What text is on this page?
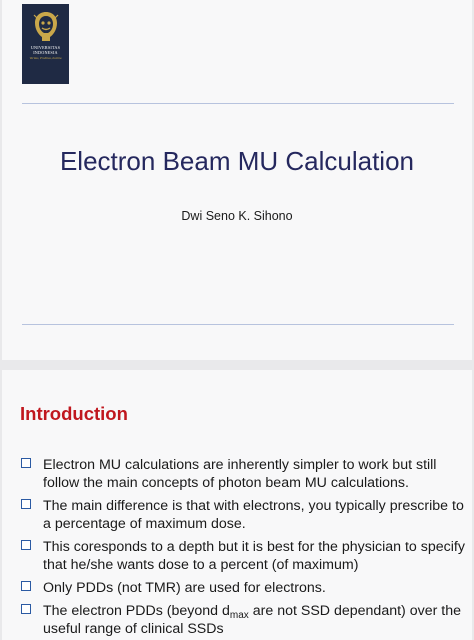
UNIVERSITAS
INDONESIA
Veritas, Probitas, Iustitia
Electron Beam MU Calculation
Dwi Seno K. Sihono
Introduction
Electron MU calculations are inherently simpler to work but still follow the main concepts of photon beam MU calculations.
The main difference is that with electrons, you typically prescribe to a percentage of maximum dose.
This coresponds to a depth but it is best for the physician to specify that he/she wants dose to a percent (of maximum)
Only PDDs (not TMR) are used for electrons.
The electron PDDs (beyond $d_{max}$ are not SSD dependant) over the useful range of clinical SSDs
